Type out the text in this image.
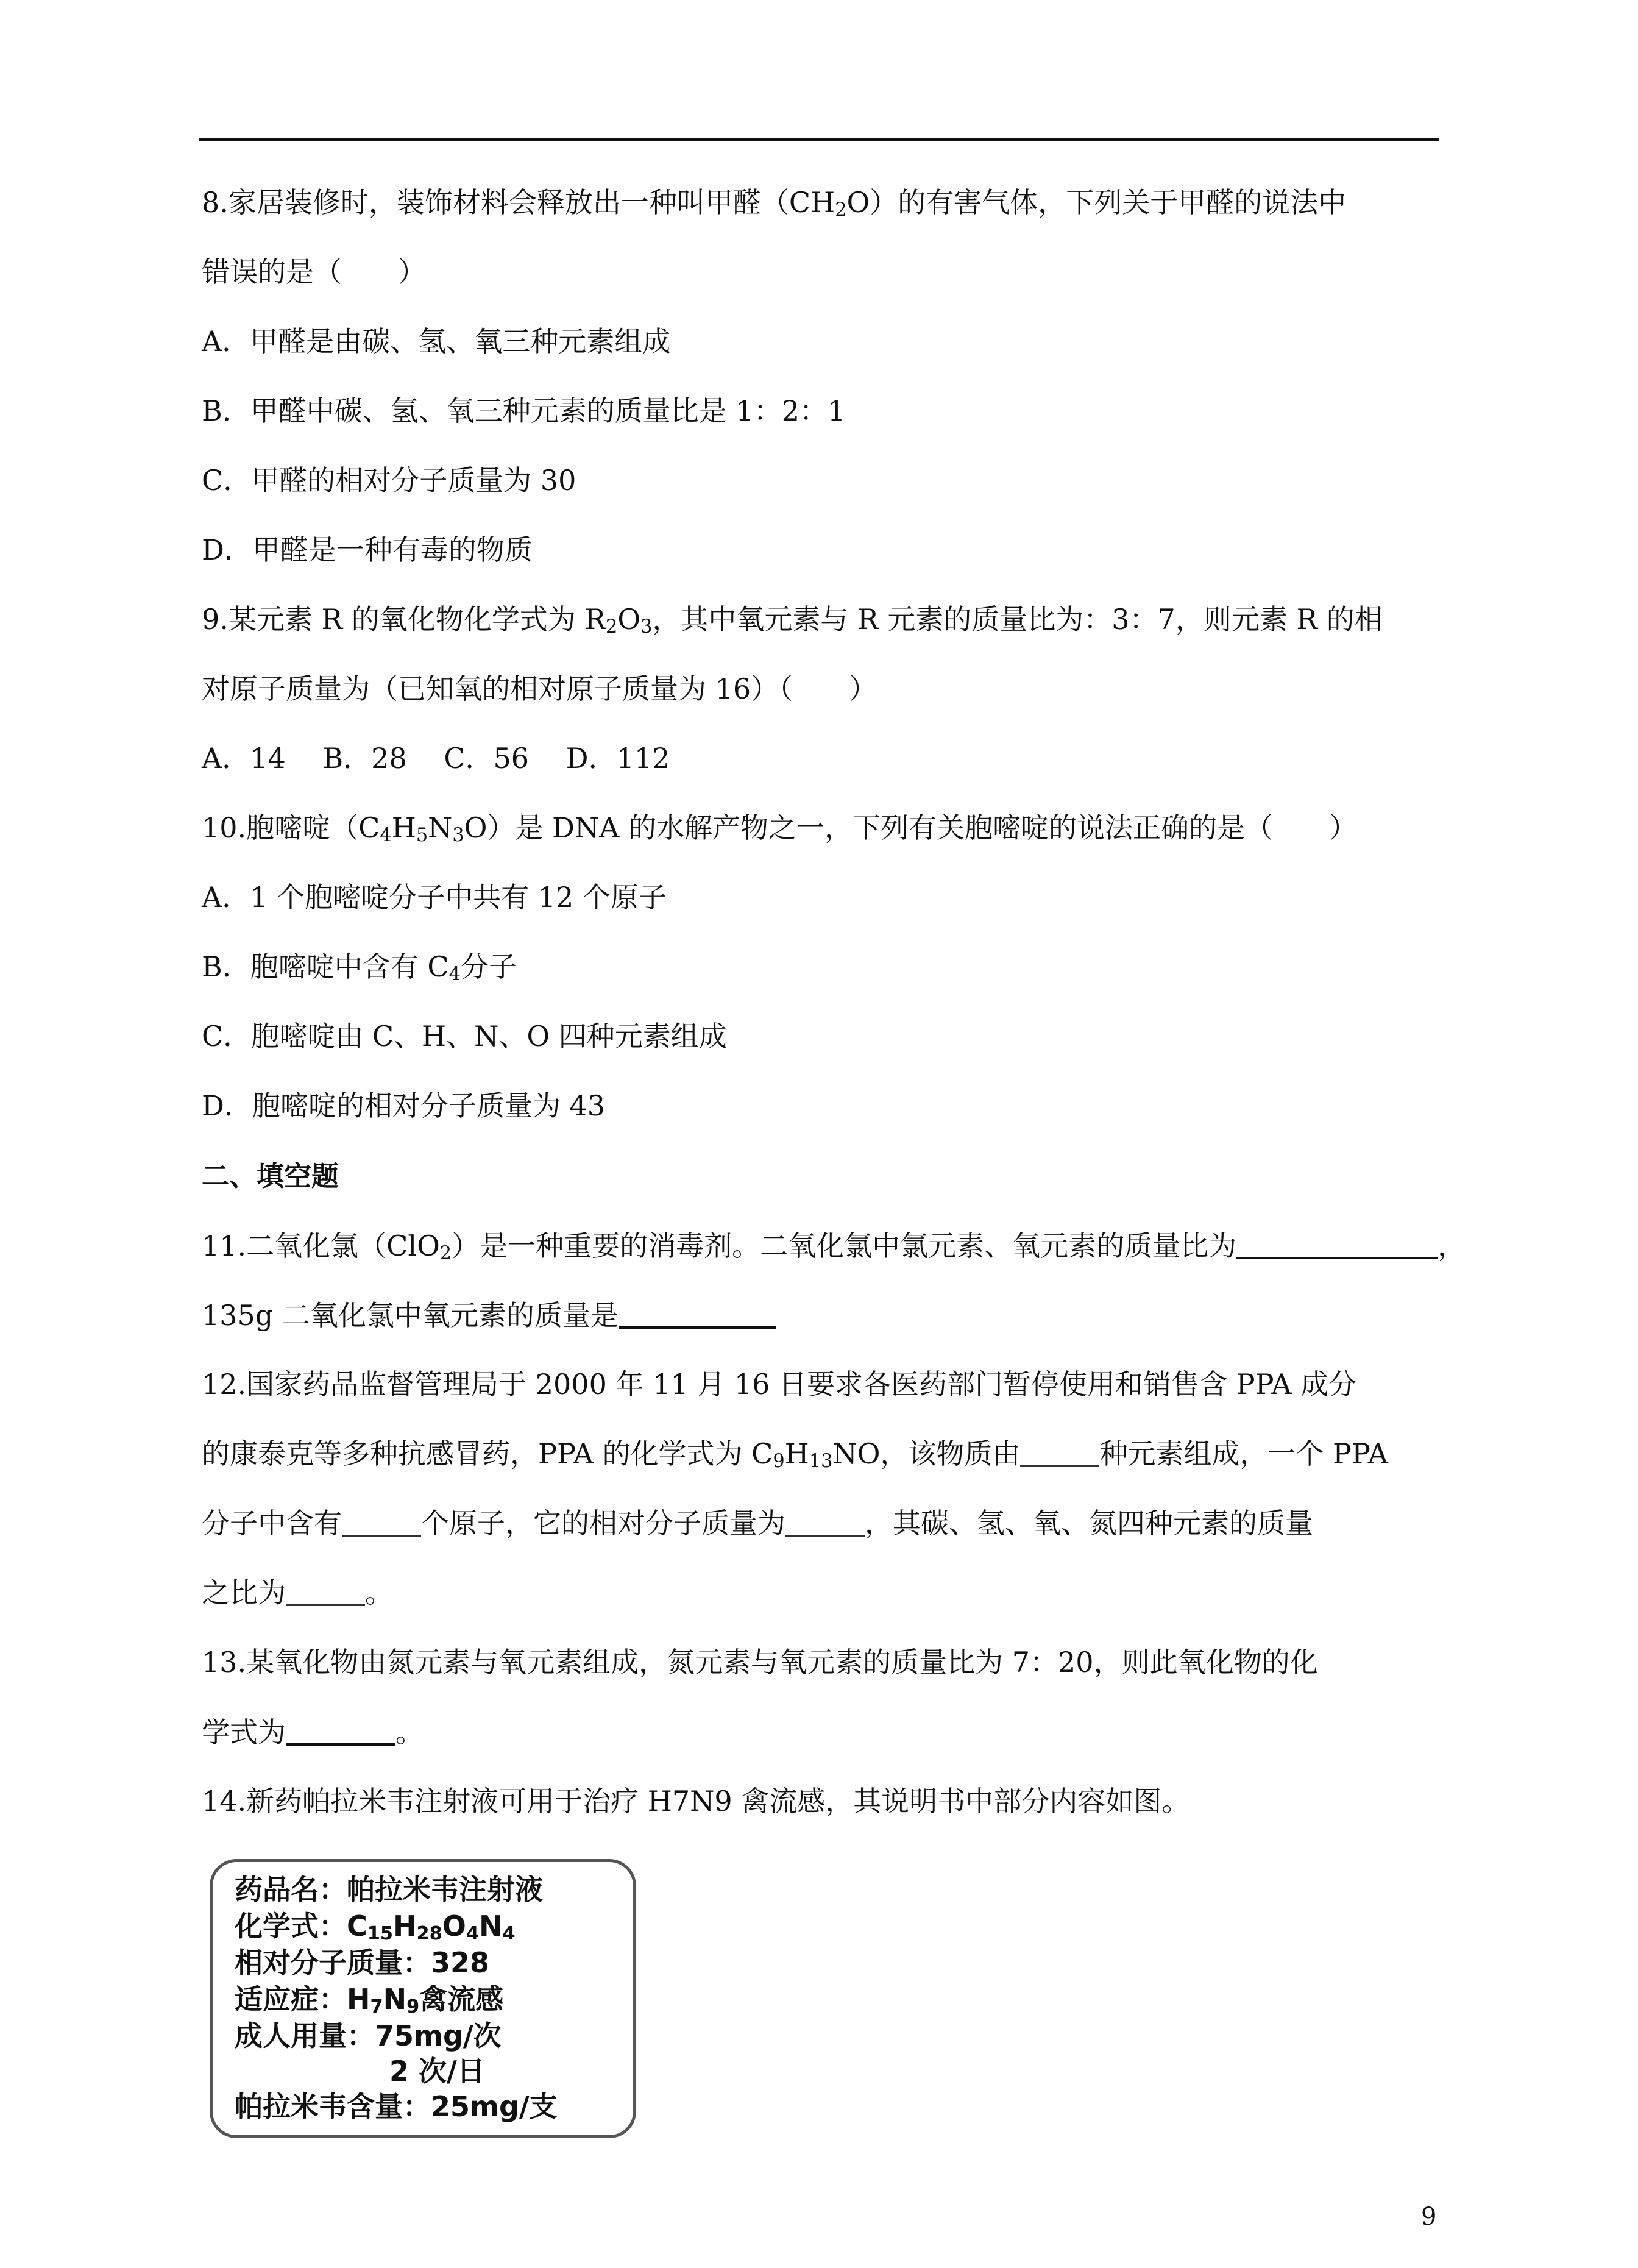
8.家居装修时，装饰材料会释放出一种叫甲醛$(CH_2O)$的有害气体，下列关于甲醛的说法中
错误的是（　　）
A．甲醛是由碳、氢、氧三种元素组成
B．甲醛中碳、氢、氧三种元素的质量比是 1：2：1
C．甲醛的相对分子质量为 30
D．甲醛是一种有毒的物质
9.某元素 R 的氧化物化学式为 $R_2O_3$，其中氧元素与 R 元素的质量比为：3：7，则元素 R 的相
对原子质量为（已知氧的相对原子质量为 16）（　　）
A．14　 B．28　 C．56　 D．112
10.胞嘧啶$(C_4H_5N_3O)$是 DNA 的水解产物之一，下列有关胞嘧啶的说法正确的是（　　）
A．1 个胞嘧啶分子中共有 12 个原子
B．胞嘧啶中含有 $C_4$分子
C．胞嘧啶由 C、H、N、O 四种元素组成
D．胞嘧啶的相对分子质量为 43
二、填空题
11.二氧化氯（ClO$_2$）是一种重要的消毒剂。二氧化氯中氯元素、氧元素的质量比为	，
135g 二氧化氯中氧元素的质量是
12.国家药品监督管理局于 2000 年 11 月 16 日要求各医药部门暂停使用和销售含 PPA 成分
的康泰克等多种抗感冒药，PPA 的化学式为 $C_9H_{13}NO$，该物质由	种元素组成，一个 PPA
分子中含有	个原子，它的相对分子质量为	，其碳、氢、氧、氮四种元素的质量
之比为	。
13.某氧化物由氮元素与氧元素组成，氮元素与氧元素的质量比为 7：20，则此氧化物的化
学式为	。
14.新药帕拉米韦注射液可用于治疗 H7N9 禽流感，其说明书中部分内容如图。
药品名：帕拉米韦注射液
化学式：$C_{15}H_{28}O_4N_4$
相对分子质量：328
适应症：$H_7N_9$禽流感
成人用量：75mg/次
2 次/日
帕拉米韦含量：25mg/支
9
